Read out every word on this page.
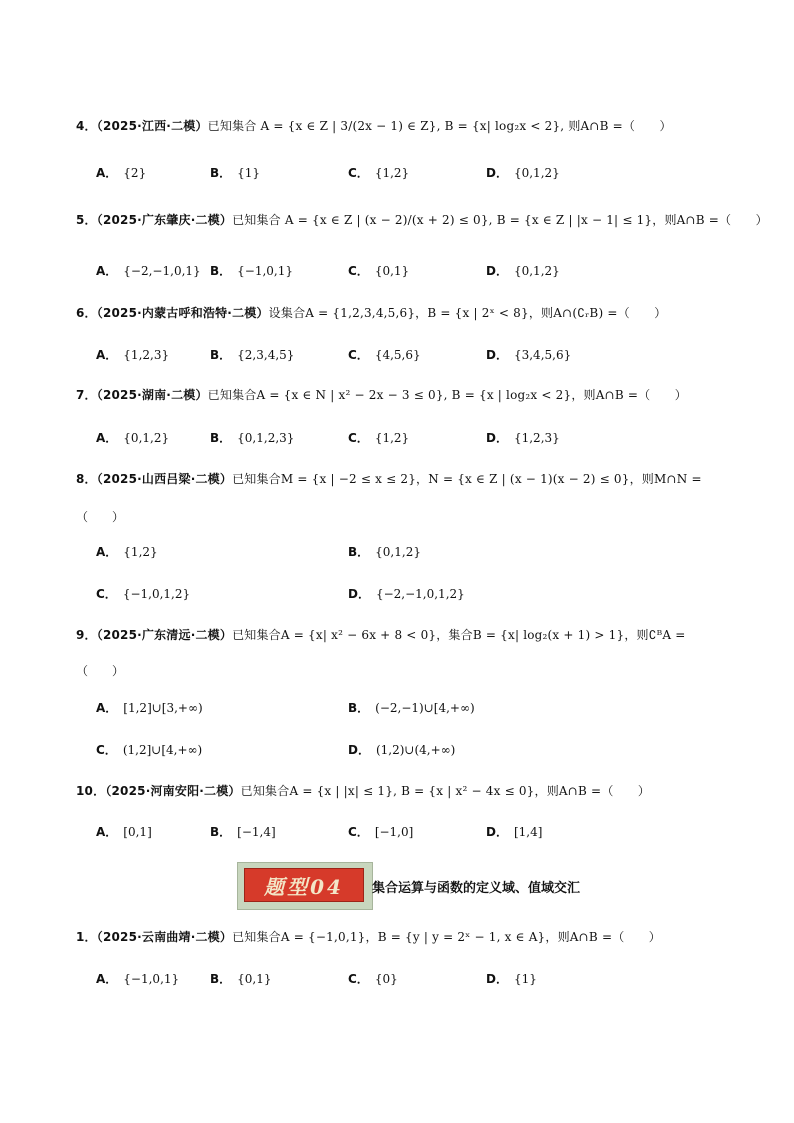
4．（2025·江西·二模）已知集合 A = {x ∈ Z | 3/(2x − 1) ∈ Z}, B = {x| log₂x < 2}, 则A∩B =（　　）
A． {2}	B． {1}	C． {1,2}	D． {0,1,2}
5．（2025·广东肇庆·二模）已知集合 A = {x ∈ Z | (x − 2)/(x + 2) ≤ 0}, B = {x ∈ Z | |x − 1| ≤ 1}，则A∩B =（　　）
A． {−2,−1,0,1} B． {−1,0,1}	C． {0,1}	D． {0,1,2}
6．（2025·内蒙古呼和浩特·二模）设集合A = {1,2,3,4,5,6}，B = {x | 2ˣ < 8}，则A∩(∁ᵣB) =（　　）
A． {1,2,3}	B． {2,3,4,5}	C． {4,5,6}	D． {3,4,5,6}
7．（2025·湖南·二模）已知集合A = {x ∈ N | x² − 2x − 3 ≤ 0}, B = {x | log₂x < 2}，则A∩B =（　　）
A． {0,1,2}	B． {0,1,2,3}	C． {1,2}	D． {1,2,3}
8．（2025·山西吕梁·二模）已知集合M = {x | −2 ≤ x ≤ 2}，N = {x ∈ Z | (x − 1)(x − 2) ≤ 0}，则M∩N =
（　　）
A． {1,2}	B． {0,1,2}
C． {−1,0,1,2}	D． {−2,−1,0,1,2}
9．（2025·广东清远·二模）已知集合A = {x| x² − 6x + 8 < 0}，集合B = {x| log₂(x + 1) > 1}，则∁ᴮA =
（　　）
A． [1,2]∪[3,+∞)	B． (−2,−1)∪[4,+∞)
C． (1,2]∪[4,+∞)	D． (1,2)∪(4,+∞)
10．（2025·河南安阳·二模）已知集合A = {x | |x| ≤ 1}, B = {x | x² − 4x ≤ 0}，则A∩B =（　　）
A． [0,1]	B． [−1,4]	C． [−1,0]	D． [1,4]
题型04 集合运算与函数的定义域、值域交汇
1．（2025·云南曲靖·二模）已知集合A = {−1,0,1}，B = {y | y = 2ˣ − 1, x ∈ A}，则A∩B =（　　）
A． {−1,0,1}	B． {0,1}	C． {0}	D． {1}
